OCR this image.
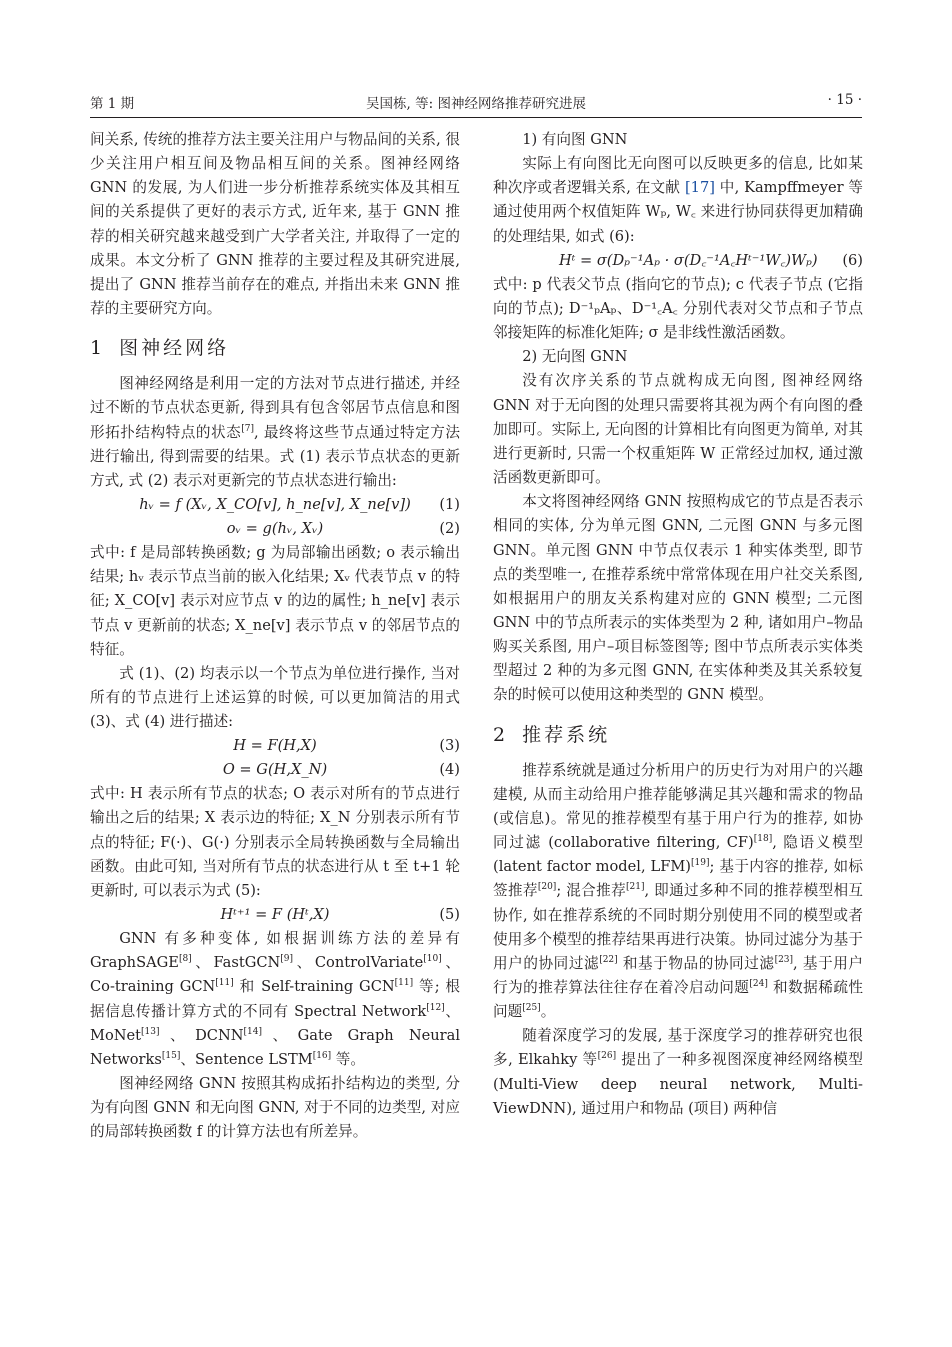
第 1 期	吴国栋, 等: 图神经网络推荐研究进展	· 15 ·

间关系, 传统的推荐方法主要关注用户与物品间的关系, 很少关注用户相互间及物品相互间的关系。图神经网络 GNN 的发展, 为人们进一步分析推荐系统实体及其相互间的关系提供了更好的表示方式, 近年来, 基于 GNN 推荐的相关研究越来越受到广大学者关注, 并取得了一定的成果。本文分析了 GNN 推荐的主要过程及其研究进展, 提出了 GNN 推荐当前存在的难点, 并指出未来 GNN 推荐的主要研究方向。

1 图神经网络

图神经网络是利用一定的方法对节点进行描述, 并经过不断的节点状态更新, 得到具有包含邻居节点信息和图形拓扑结构特点的状态[7], 最终将这些节点通过特定方法进行输出, 得到需要的结果。式 (1) 表示节点状态的更新方式, 式 (2) 表示对更新完的节点状态进行输出:

hᵥ = f (Xᵥ, X_CO[v], h_ne[v], X_ne[v])	(1)
oᵥ = g(hᵥ, Xᵥ)	(2)

式中: f 是局部转换函数; g 为局部输出函数; o 表示输出结果; hᵥ 表示节点当前的嵌入化结果; Xᵥ 代表节点 v 的特征; X_CO[v] 表示对应节点 v 的边的属性; h_ne[v] 表示节点 v 更新前的状态; X_ne[v] 表示节点 v 的邻居节点的特征。

式 (1)、(2) 均表示以一个节点为单位进行操作, 当对所有的节点进行上述运算的时候, 可以更加简洁的用式 (3)、式 (4) 进行描述:

H = F(H,X)	(3)
O = G(H,X_N)	(4)

式中: H 表示所有节点的状态; O 表示对所有的节点进行输出之后的结果; X 表示边的特征; X_N 分别表示所有节点的特征; F(·)、G(·) 分别表示全局转换函数与全局输出函数。由此可知, 当对所有节点的状态进行从 t 至 t+1 轮更新时, 可以表示为式 (5):

Hᵗ⁺¹ = F (Hᵗ,X)	(5)

GNN 有多种变体, 如根据训练方法的差异有 GraphSAGE[8]、FastGCN[9]、ControlVariate[10]、Co-training GCN[11] 和 Self-training GCN[11] 等; 根据信息传播计算方式的不同有 Spectral Network[12]、MoNet[13]、DCNN[14]、Gate Graph Neural Networks[15]、Sentence LSTM[16] 等。

图神经网络 GNN 按照其构成拓扑结构边的类型, 分为有向图 GNN 和无向图 GNN, 对于不同的边类型, 对应的局部转换函数 f 的计算方法也有所差异。

1) 有向图 GNN

实际上有向图比无向图可以反映更多的信息, 比如某种次序或者逻辑关系, 在文献 [17] 中, Kampffmeyer 等通过使用两个权值矩阵 Wₚ, W꜀ 来进行协同获得更加精确的处理结果, 如式 (6):

Hᵗ = σ(Dₚ⁻¹Aₚ · σ(D꜀⁻¹A꜀Hᵗ⁻¹W꜀)Wₚ)	(6)

式中: p 代表父节点 (指向它的节点); c 代表子节点 (它指向的节点); D⁻¹ₚAₚ、D⁻¹꜀A꜀ 分别代表对父节点和子节点邻接矩阵的标准化矩阵; σ 是非线性激活函数。

2) 无向图 GNN

没有次序关系的节点就构成无向图, 图神经网络 GNN 对于无向图的处理只需要将其视为两个有向图的叠加即可。实际上, 无向图的计算相比有向图更为简单, 对其进行更新时, 只需一个权重矩阵 W 正常经过加权, 通过激活函数更新即可。

本文将图神经网络 GNN 按照构成它的节点是否表示相同的实体, 分为单元图 GNN, 二元图 GNN 与多元图 GNN。单元图 GNN 中节点仅表示 1 种实体类型, 即节点的类型唯一, 在推荐系统中常常体现在用户社交关系图, 如根据用户的朋友关系构建对应的 GNN 模型; 二元图 GNN 中的节点所表示的实体类型为 2 种, 诸如用户–物品购买关系图, 用户–项目标签图等; 图中节点所表示实体类型超过 2 种的为多元图 GNN, 在实体种类及其关系较复杂的时候可以使用这种类型的 GNN 模型。

2 推荐系统

推荐系统就是通过分析用户的历史行为对用户的兴趣建模, 从而主动给用户推荐能够满足其兴趣和需求的物品 (或信息)。常见的推荐模型有基于用户行为的推荐, 如协同过滤 (collaborative filtering, CF)[18], 隐语义模型 (latent factor model, LFM)[19]; 基于内容的推荐, 如标签推荐[20]; 混合推荐[21], 即通过多种不同的推荐模型相互协作, 如在推荐系统的不同时期分别使用不同的模型或者使用多个模型的推荐结果再进行决策。协同过滤分为基于用户的协同过滤[22] 和基于物品的协同过滤[23], 基于用户行为的推荐算法往往存在着冷启动问题[24] 和数据稀疏性问题[25]。

随着深度学习的发展, 基于深度学习的推荐研究也很多, Elkahky 等[26] 提出了一种多视图深度神经网络模型 (Multi-View deep neural network, Multi-ViewDNN), 通过用户和物品 (项目) 两种信
